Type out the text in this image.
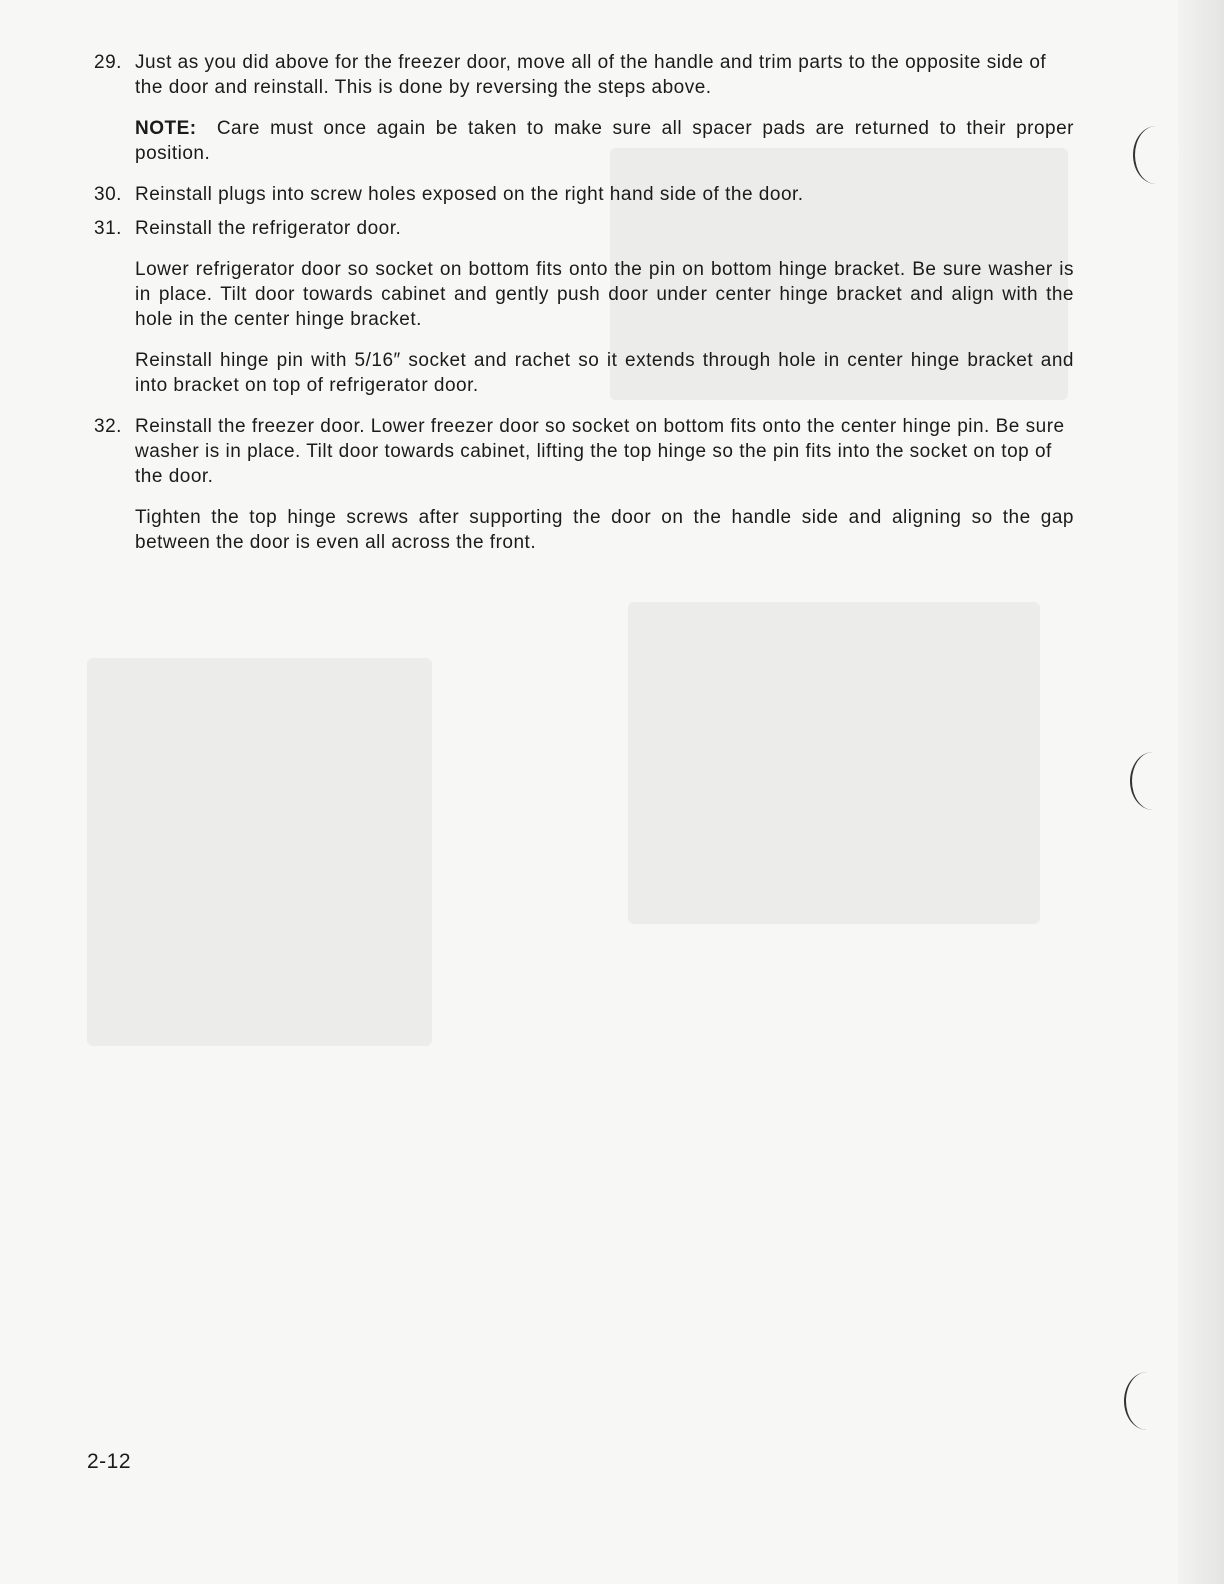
29. Just as you did above for the freezer door, move all of the handle and trim parts to the opposite side of the door and reinstall. This is done by reversing the steps above.
NOTE: Care must once again be taken to make sure all spacer pads are returned to their proper position.
30. Reinstall plugs into screw holes exposed on the right hand side of the door.
31. Reinstall the refrigerator door.
Lower refrigerator door so socket on bottom fits onto the pin on bottom hinge bracket. Be sure washer is in place. Tilt door towards cabinet and gently push door under center hinge bracket and align with the hole in the center hinge bracket.
Reinstall hinge pin with 5/16″ socket and rachet so it extends through hole in center hinge bracket and into bracket on top of refrigerator door.
32. Reinstall the freezer door. Lower freezer door so socket on bottom fits onto the center hinge pin. Be sure washer is in place. Tilt door towards cabinet, lifting the top hinge so the pin fits into the socket on top of the door.
Tighten the top hinge screws after supporting the door on the handle side and aligning so the gap between the door is even all across the front.
2-12
